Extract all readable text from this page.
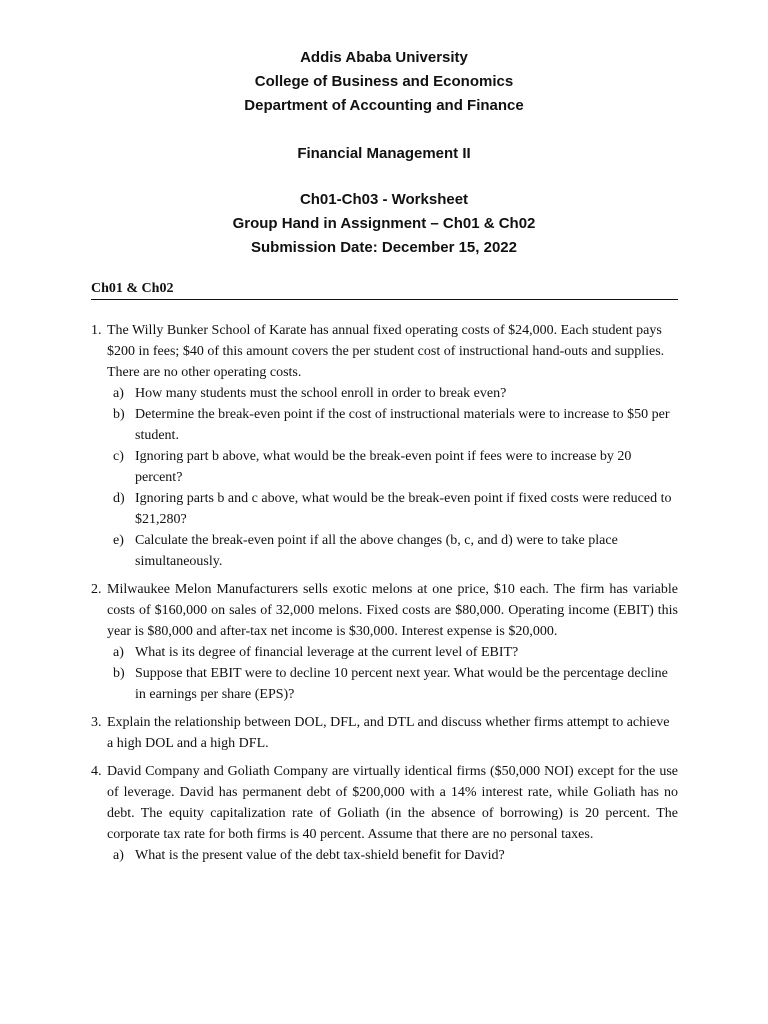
Addis Ababa University
College of Business and Economics
Department of Accounting and Finance
Financial Management II
Ch01-Ch03 - Worksheet
Group Hand in Assignment – Ch01 & Ch02
Submission Date: December 15, 2022
Ch01 & Ch02
1. The Willy Bunker School of Karate has annual fixed operating costs of $24,000. Each student pays $200 in fees; $40 of this amount covers the per student cost of instructional hand-outs and supplies. There are no other operating costs.
a) How many students must the school enroll in order to break even?
b) Determine the break-even point if the cost of instructional materials were to increase to $50 per student.
c) Ignoring part b above, what would be the break-even point if fees were to increase by 20 percent?
d) Ignoring parts b and c above, what would be the break-even point if fixed costs were reduced to $21,280?
e) Calculate the break-even point if all the above changes (b, c, and d) were to take place simultaneously.
2. Milwaukee Melon Manufacturers sells exotic melons at one price, $10 each. The firm has variable costs of $160,000 on sales of 32,000 melons. Fixed costs are $80,000. Operating income (EBIT) this year is $80,000 and after-tax net income is $30,000. Interest expense is $20,000.
a) What is its degree of financial leverage at the current level of EBIT?
b) Suppose that EBIT were to decline 10 percent next year. What would be the percentage decline in earnings per share (EPS)?
3. Explain the relationship between DOL, DFL, and DTL and discuss whether firms attempt to achieve a high DOL and a high DFL.
4. David Company and Goliath Company are virtually identical firms ($50,000 NOI) except for the use of leverage. David has permanent debt of $200,000 with a 14% interest rate, while Goliath has no debt. The equity capitalization rate of Goliath (in the absence of borrowing) is 20 percent. The corporate tax rate for both firms is 40 percent. Assume that there are no personal taxes.
a) What is the present value of the debt tax-shield benefit for David?
